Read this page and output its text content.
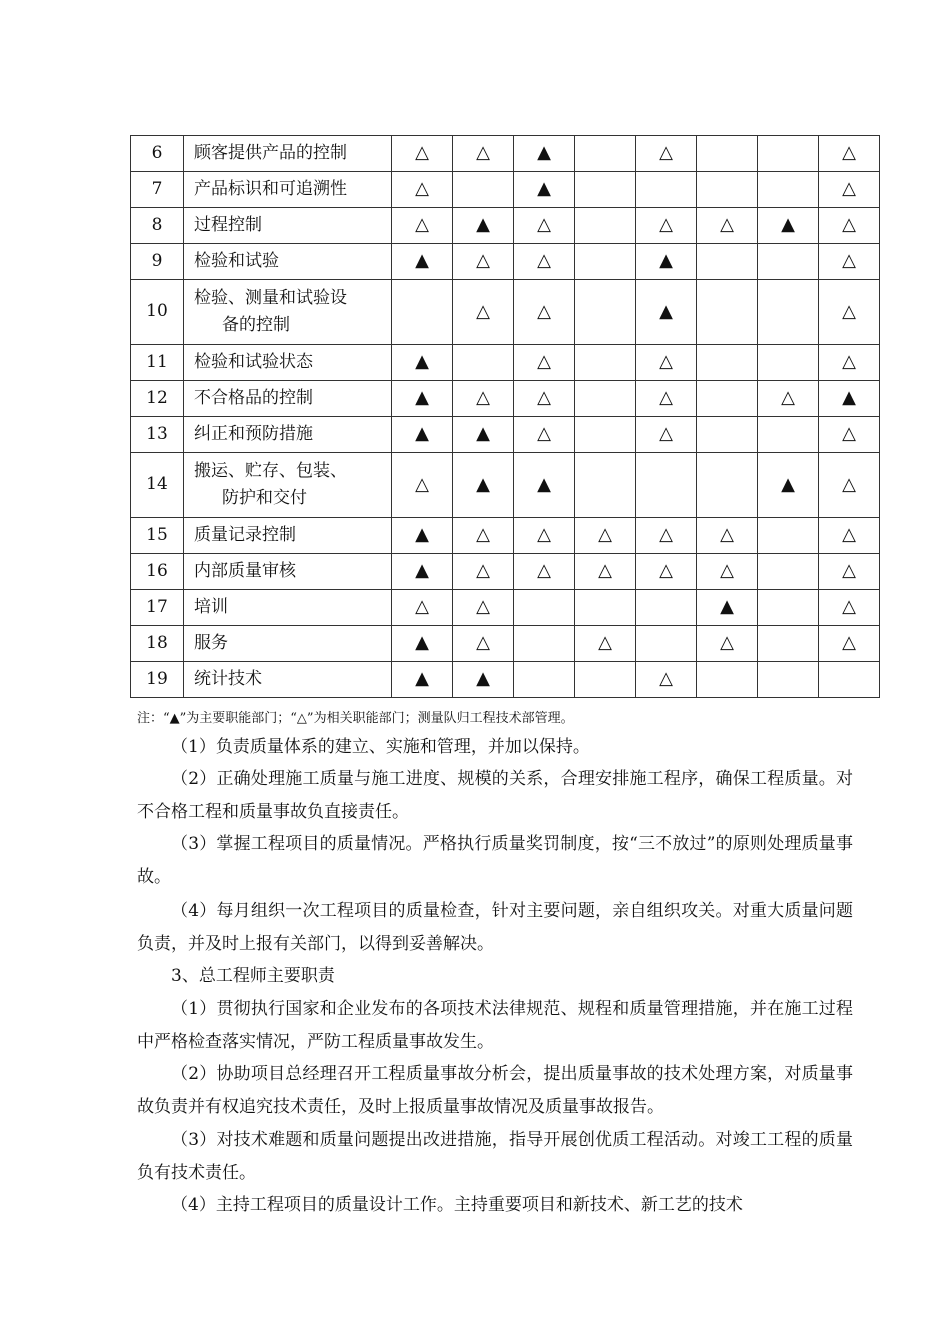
6	顾客提供产品的控制	△	△	▲		△			△
7	产品标识和可追溯性	△		▲					△
8	过程控制	△	▲	△		△	△	▲	△
9	检验和试验	▲	△	△		▲			△
10	检验、测量和试验设
备的控制		△	△		▲			△
11	检验和试验状态	▲		△		△			△
12	不合格品的控制	▲	△	△		△		△	▲
13	纠正和预防措施	▲	▲	△		△			△
14	搬运、贮存、包装、
防护和交付	△	▲	▲				▲	△
15	质量记录控制	▲	△	△	△	△	△		△
16	内部质量审核	▲	△	△	△	△	△		△
17	培训	△	△				▲		△
18	服务	▲	△		△		△		△
19	统计技术	▲	▲			△			
注：“▲”为主要职能部门；“△”为相关职能部门；测量队归工程技术部管理。

（1）负责质量体系的建立、实施和管理，并加以保持。

（2）正确处理施工质量与施工进度、规模的关系，合理安排施工程序，确保工程质量。对不合格工程和质量事故负直接责任。

（3）掌握工程项目的质量情况。严格执行质量奖罚制度，按“三不放过”的原则处理质量事故。

（4）每月组织一次工程项目的质量检查，针对主要问题，亲自组织攻关。对重大质量问题负责，并及时上报有关部门，以得到妥善解决。

3、总工程师主要职责

（1）贯彻执行国家和企业发布的各项技术法律规范、规程和质量管理措施，并在施工过程中严格检查落实情况，严防工程质量事故发生。

（2）协助项目总经理召开工程质量事故分析会，提出质量事故的技术处理方案，对质量事故负责并有权追究技术责任，及时上报质量事故情况及质量事故报告。

（3）对技术难题和质量问题提出改进措施，指导开展创优质工程活动。对竣工工程的质量负有技术责任。

（4）主持工程项目的质量设计工作。主持重要项目和新技术、新工艺的技术
